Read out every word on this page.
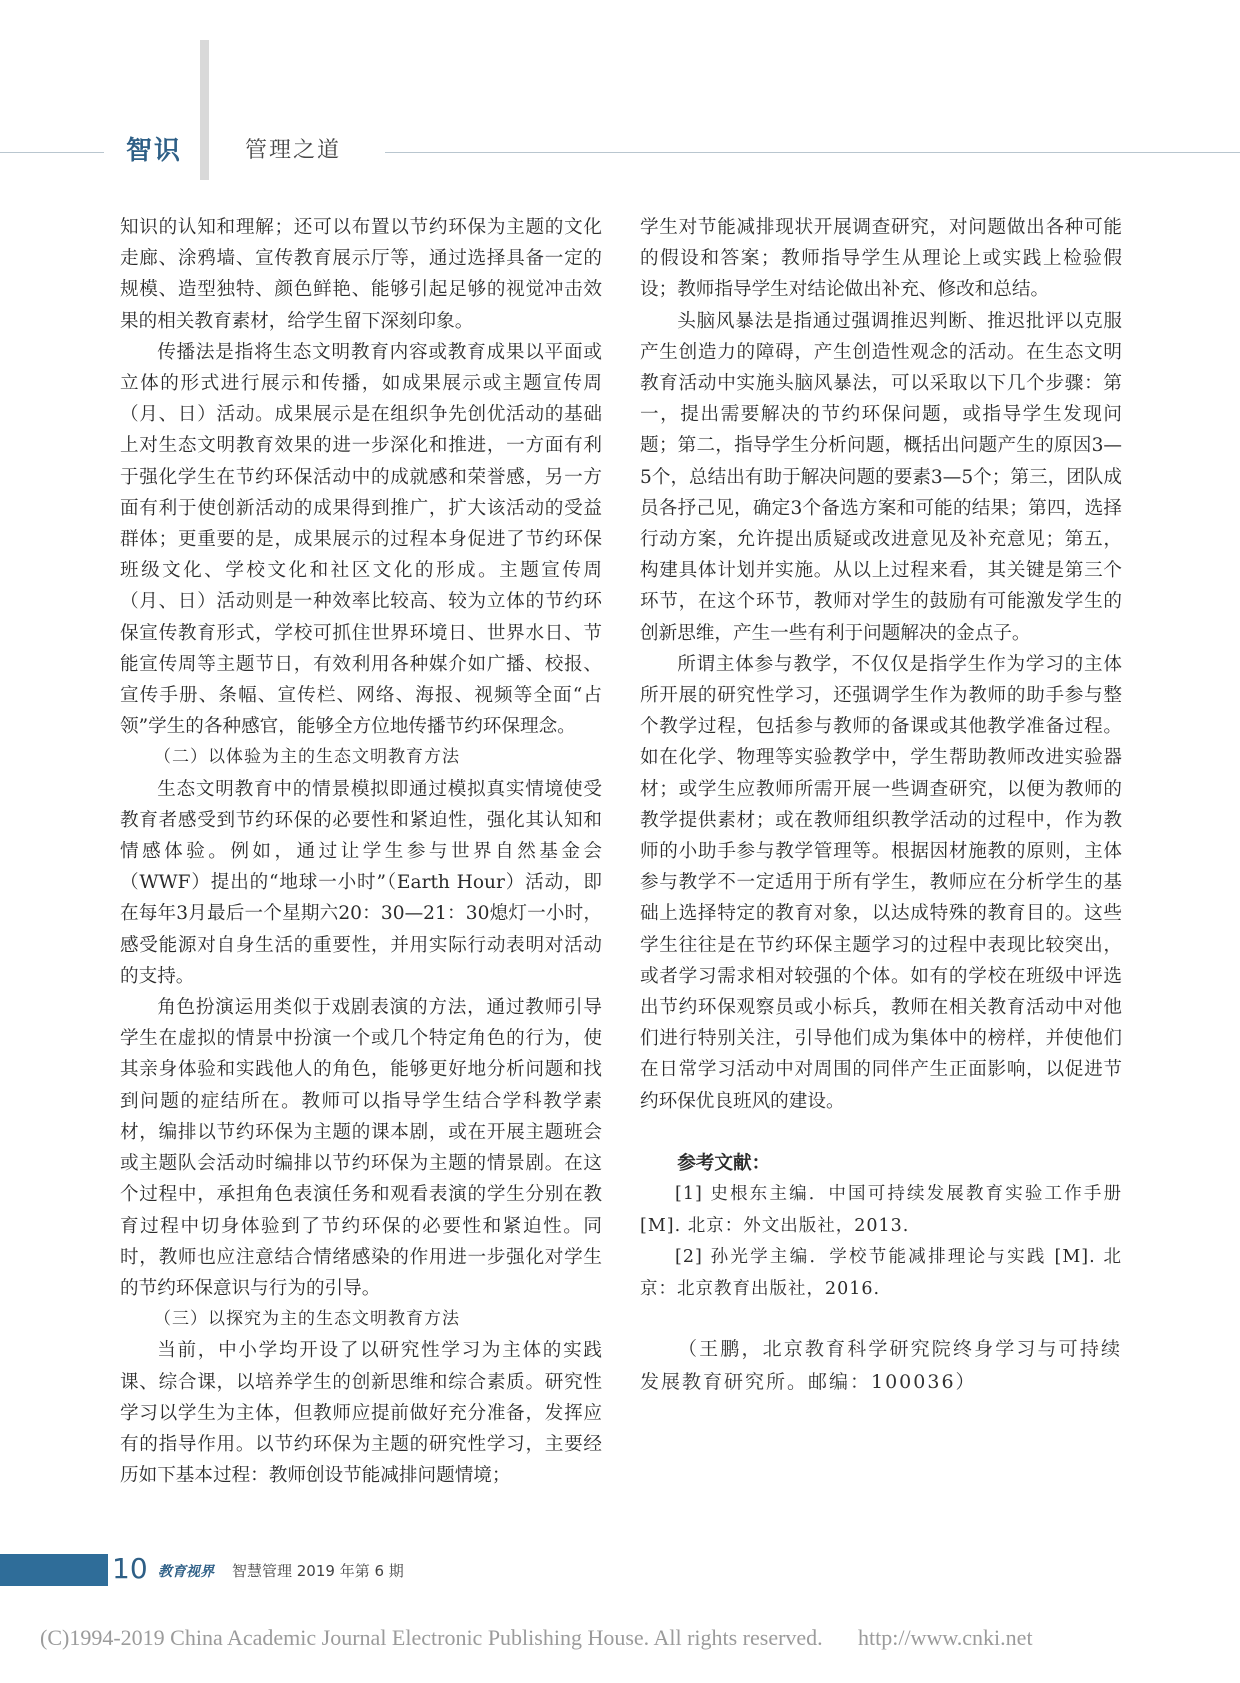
智识	管理之道

知识的认知和理解；还可以布置以节约环保为主题的文化走廊、涂鸦墙、宣传教育展示厅等，通过选择具备一定的规模、造型独特、颜色鲜艳、能够引起足够的视觉冲击效果的相关教育素材，给学生留下深刻印象。

传播法是指将生态文明教育内容或教育成果以平面或立体的形式进行展示和传播，如成果展示或主题宣传周（月、日）活动。成果展示是在组织争先创优活动的基础上对生态文明教育效果的进一步深化和推进，一方面有利于强化学生在节约环保活动中的成就感和荣誉感，另一方面有利于使创新活动的成果得到推广，扩大该活动的受益群体；更重要的是，成果展示的过程本身促进了节约环保班级文化、学校文化和社区文化的形成。主题宣传周（月、日）活动则是一种效率比较高、较为立体的节约环保宣传教育形式，学校可抓住世界环境日、世界水日、节能宣传周等主题节日，有效利用各种媒介如广播、校报、宣传手册、条幅、宣传栏、网络、海报、视频等全面“占领”学生的各种感官，能够全方位地传播节约环保理念。

（二）以体验为主的生态文明教育方法

生态文明教育中的情景模拟即通过模拟真实情境使受教育者感受到节约环保的必要性和紧迫性，强化其认知和情感体验。例如，通过让学生参与世界自然基金会（WWF）提出的“地球一小时”（Earth Hour）活动，即在每年3月最后一个星期六20：30—21：30熄灯一小时，感受能源对自身生活的重要性，并用实际行动表明对活动的支持。

角色扮演运用类似于戏剧表演的方法，通过教师引导学生在虚拟的情景中扮演一个或几个特定角色的行为，使其亲身体验和实践他人的角色，能够更好地分析问题和找到问题的症结所在。教师可以指导学生结合学科教学素材，编排以节约环保为主题的课本剧，或在开展主题班会或主题队会活动时编排以节约环保为主题的情景剧。在这个过程中，承担角色表演任务和观看表演的学生分别在教育过程中切身体验到了节约环保的必要性和紧迫性。同时，教师也应注意结合情绪感染的作用进一步强化对学生的节约环保意识与行为的引导。

（三）以探究为主的生态文明教育方法

当前，中小学均开设了以研究性学习为主体的实践课、综合课，以培养学生的创新思维和综合素质。研究性学习以学生为主体，但教师应提前做好充分准备，发挥应有的指导作用。以节约环保为主题的研究性学习，主要经历如下基本过程：教师创设节能减排问题情境；

学生对节能减排现状开展调查研究，对问题做出各种可能的假设和答案；教师指导学生从理论上或实践上检验假设；教师指导学生对结论做出补充、修改和总结。

头脑风暴法是指通过强调推迟判断、推迟批评以克服产生创造力的障碍，产生创造性观念的活动。在生态文明教育活动中实施头脑风暴法，可以采取以下几个步骤：第一，提出需要解决的节约环保问题，或指导学生发现问题；第二，指导学生分析问题，概括出问题产生的原因3—5个，总结出有助于解决问题的要素3—5个；第三，团队成员各抒己见，确定3个备选方案和可能的结果；第四，选择行动方案，允许提出质疑或改进意见及补充意见；第五，构建具体计划并实施。从以上过程来看，其关键是第三个环节，在这个环节，教师对学生的鼓励有可能激发学生的创新思维，产生一些有利于问题解决的金点子。

所谓主体参与教学，不仅仅是指学生作为学习的主体所开展的研究性学习，还强调学生作为教师的助手参与整个教学过程，包括参与教师的备课或其他教学准备过程。如在化学、物理等实验教学中，学生帮助教师改进实验器材；或学生应教师所需开展一些调查研究，以便为教师的教学提供素材；或在教师组织教学活动的过程中，作为教师的小助手参与教学管理等。根据因材施教的原则，主体参与教学不一定适用于所有学生，教师应在分析学生的基础上选择特定的教育对象，以达成特殊的教育目的。这些学生往往是在节约环保主题学习的过程中表现比较突出，或者学习需求相对较强的个体。如有的学校在班级中评选出节约环保观察员或小标兵，教师在相关教育活动中对他们进行特别关注，引导他们成为集体中的榜样，并使他们在日常学习活动中对周围的同伴产生正面影响，以促进节约环保优良班风的建设。

参考文献：

[1] 史根东主编．中国可持续发展教育实验工作手册[M]. 北京：外文出版社，2013.

[2] 孙光学主编．学校节能减排理论与实践 [M]. 北京：北京教育出版社，2016.

（王鹏，北京教育科学研究院终身学习与可持续发展教育研究所。邮编：100036）

10 教育视界 智慧管理 2019 年第 6 期
(C)1994-2019 China Academic Journal Electronic Publishing House. All rights reserved. http://www.cnki.net
